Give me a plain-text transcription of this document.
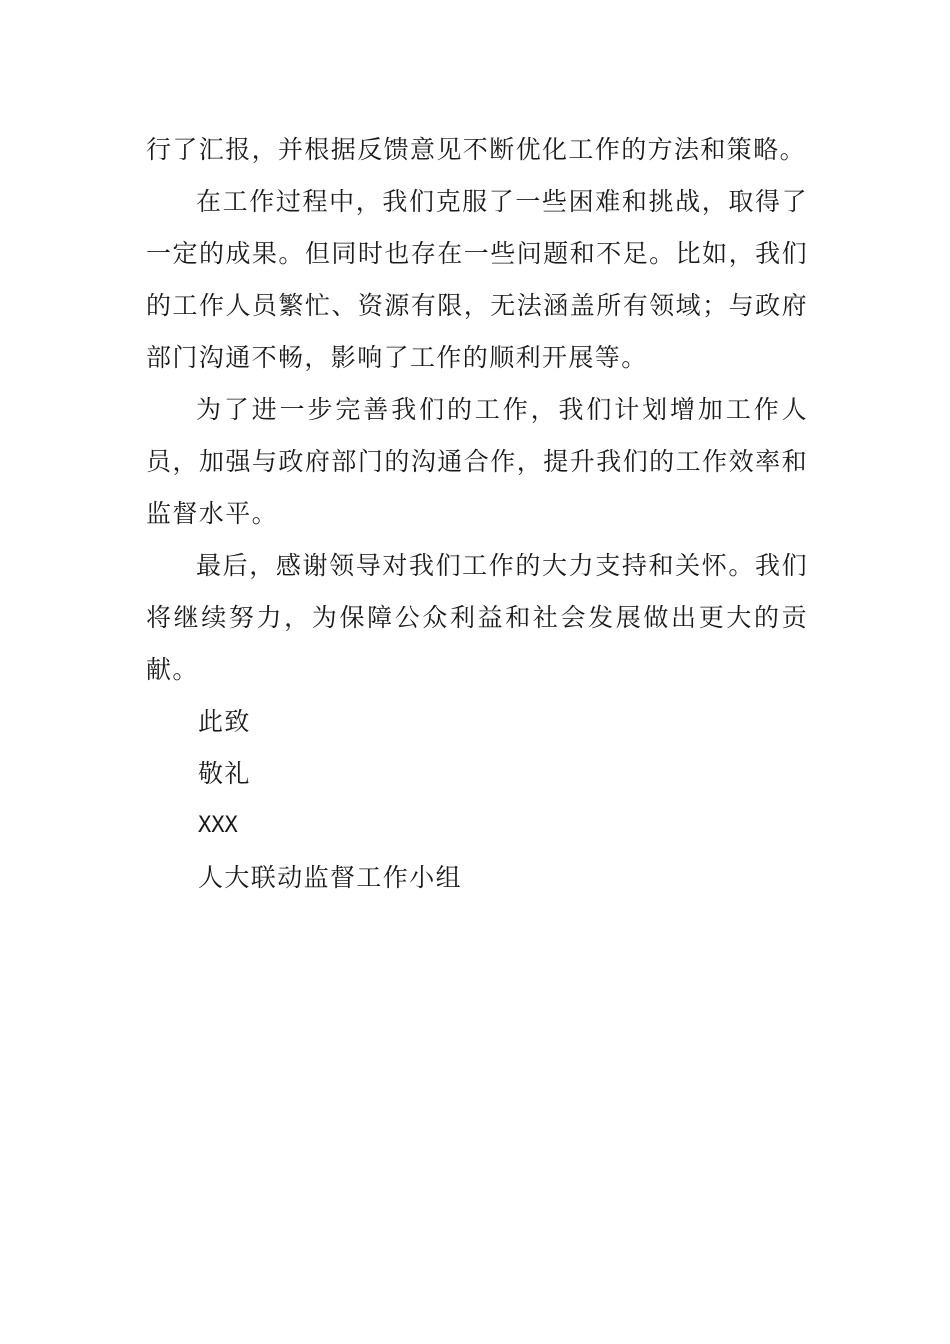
行了汇报，并根据反馈意见不断优化工作的方法和策略。

在工作过程中，我们克服了一些困难和挑战，取得了一定的成果。但同时也存在一些问题和不足。比如，我们的工作人员繁忙、资源有限，无法涵盖所有领域；与政府部门沟通不畅，影响了工作的顺利开展等。

为了进一步完善我们的工作，我们计划增加工作人员，加强与政府部门的沟通合作，提升我们的工作效率和监督水平。

最后，感谢领导对我们工作的大力支持和关怀。我们将继续努力，为保障公众利益和社会发展做出更大的贡献。

此致

敬礼

XXX

人大联动监督工作小组
